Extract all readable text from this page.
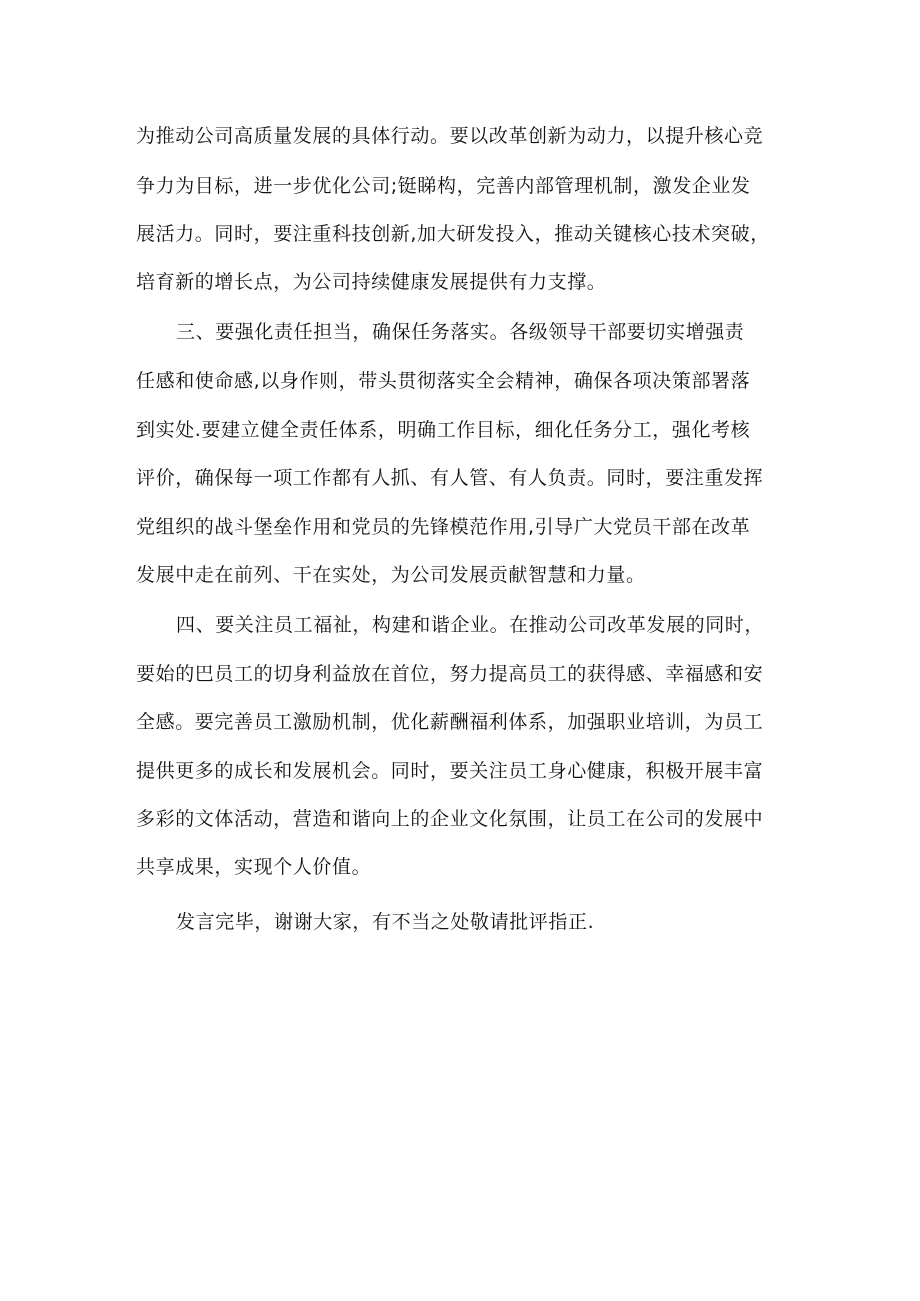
为推动公司高质量发展的具体行动。要以改革创新为动力，以提升核心竞
争力为目标，进一步优化公司;铤睇构，完善内部管理机制，激发企业发
展活力。同时，要注重科技创新,加大研发投入，推动关键核心技术突破，
培育新的增长点，为公司持续健康发展提供有力支撑。
三、要强化责任担当，确保任务落实。各级领导干部要切实增强责
任感和使命感,以身作则，带头贯彻落实全会精神，确保各项决策部署落
到实处.要建立健全责任体系，明确工作目标，细化任务分工，强化考核
评价，确保每一项工作都有人抓、有人管、有人负责。同时，要注重发挥
党组织的战斗堡垒作用和党员的先锋模范作用,引导广大党员干部在改革
发展中走在前列、干在实处，为公司发展贡献智慧和力量。
四、要关注员工福祉，构建和谐企业。在推动公司改革发展的同时，
要始的巴员工的切身利益放在首位，努力提高员工的获得感、幸福感和安
全感。要完善员工激励机制，优化薪酬福利体系，加强职业培训，为员工
提供更多的成长和发展机会。同时，要关注员工身心健康，积极开展丰富
多彩的文体活动，营造和谐向上的企业文化氛围，让员工在公司的发展中
共享成果，实现个人价值。
发言完毕，谢谢大家，有不当之处敬请批评指正.
